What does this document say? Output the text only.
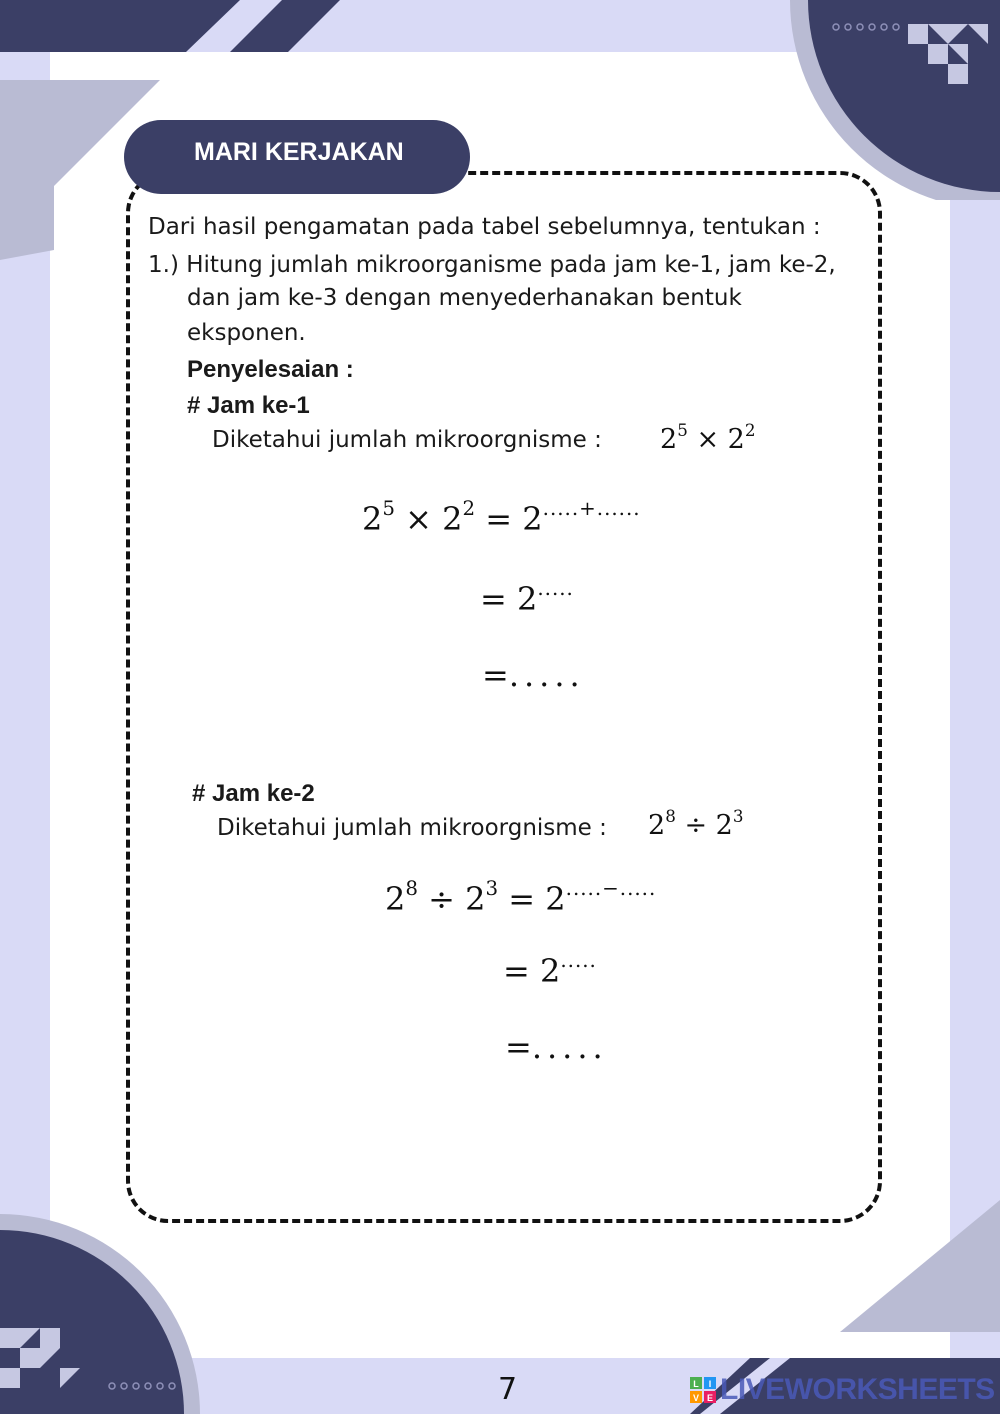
MARI KERJAKAN
Dari hasil pengamatan pada tabel sebelumnya, tentukan :
1.) Hitung jumlah mikroorganisme pada jam ke-1, jam ke-2,
dan jam ke-3 dengan menyederhanakan bentuk
eksponen.
Penyelesaian :
# Jam ke-1
Diketahui jumlah mikroorgnisme : $2^5 \times 2^2$
$2^5 \times 2^2 = 2^{.....+......}$
= 2.....
=.....
# Jam ke-2
Diketahui jumlah mikroorgnisme : $2^8 \div 2^3$
$2^8 \div 2^3 = 2^{.....-.....}$
= 2.....
=.....
7	L I
V E LIVEWORKSHEETS
